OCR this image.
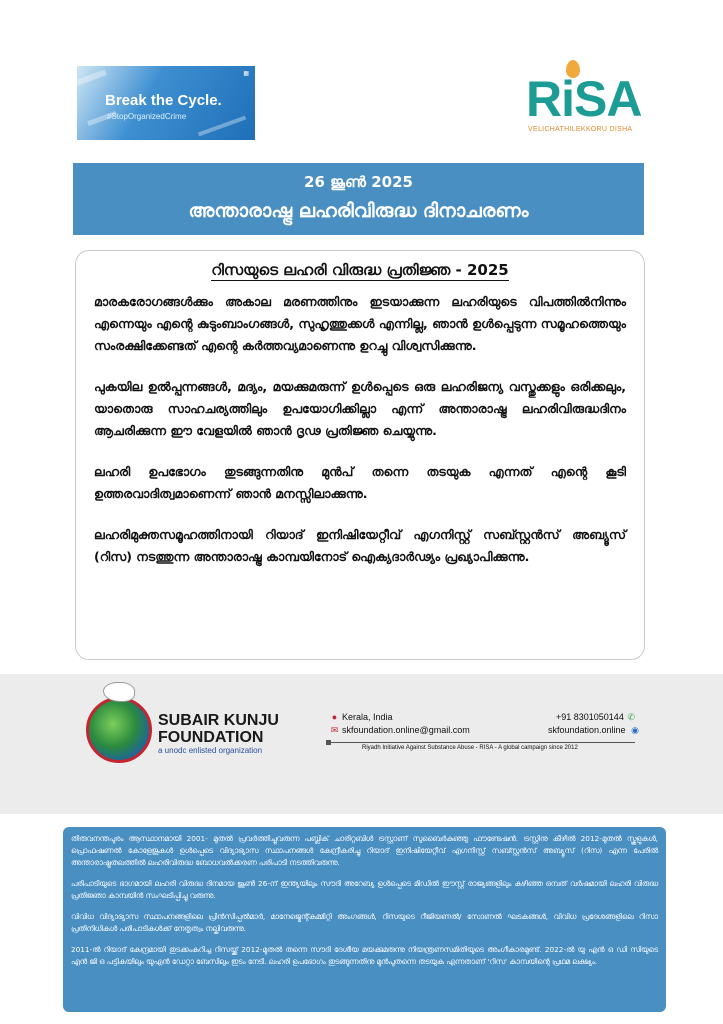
▦
Break the Cycle.
#StopOrganizedCrime	RiSA
VELICHATHILEKKORU DISHA
26 ജൂൺ 2025
അന്താരാഷ്ട്ര ലഹരിവിരുദ്ധ ദിനാചരണം
റിസയുടെ ലഹരി വിരുദ്ധ പ്രതിജ്ഞ - 2025

മാരകരോഗങ്ങൾക്കും അകാല മരണത്തിനും ഇടയാക്കുന്ന ലഹരിയുടെ വിപത്തിൽനിന്നും എന്നെയും എന്റെ കുടുംബാംഗങ്ങൾ, സുഹൃത്തുക്കൾ എന്നില്ല, ഞാൻ ഉൾപ്പെടുന്ന സമൂഹത്തെയും സംരക്ഷിക്കേണ്ടത് എന്റെ കർത്തവ്യമാണെന്നു ഉറച്ചു വിശ്വസിക്കുന്നു.

പുകയില ഉൽപ്പന്നങ്ങൾ, മദ്യം, മയക്കുമരുന്ന് ഉൾപ്പെടെ ഒരു ലഹരിജന്യ വസ്തുക്കളും ഒരിക്കലും, യാതൊരു സാഹചര്യത്തിലും ഉപയോഗിക്കില്ലാ എന്ന് അന്താരാഷ്ട്ര ലഹരിവിരുദ്ധദിനം ആചരിക്കുന്ന ഈ വേളയിൽ ഞാൻ ദൃഢ പ്രതിജ്ഞ ചെയ്യുന്നു.

ലഹരി ഉപഭോഗം തുടങ്ങുന്നതിനു മുൻപ് തന്നെ തടയുക എന്നത് എന്റെ കൂടി ഉത്തരവാദിത്വമാണെന്ന് ഞാൻ മനസ്സിലാക്കുന്നു.

ലഹരിമുക്തസമൂഹത്തിനായി റിയാദ് ഇനിഷിയേറ്റീവ് എഗനിസ്റ്റ് സബ്സ്റ്റൻസ് അബ്യൂസ് (റിസ) നടത്തുന്ന അന്താരാഷ്ട്ര കാമ്പയിനോട് ഐക്യദാർഢ്യം പ്രഖ്യാപിക്കുന്നു.

SUBAIR KUNJU
FOUNDATION
a unodc enlisted organization
● Kerala, India
✉ skfoundation.online@gmail.com
+91 8301050144 ✆
skfoundation.online ◉
Riyadh Initiative Against Substance Abuse - RISA - A global campaign since 2012

തിരുവനന്തപുരം ആസ്ഥാനമായി 2001- മുതൽ പ്രവർത്തിച്ചുവരുന്ന പബ്ലിക് ചാരിറ്റബിൾ ട്രസ്റ്റാണ് സുബൈർകുഞ്ഞു ഫൗണ്ടേഷൻ. ട്രസ്റ്റിനു കീഴിൽ 2012-മുതൽ സ്കൂളുകൾ, പ്രൊഫഷണൽ കോളേജുകൾ ഉൾപ്പെടെ വിദ്യാഭ്യാസ സ്ഥാപനങ്ങൾ കേന്ദ്രീകരിച്ചു റിയാദ് ഇനിഷിയേറ്റീവ് എഗനിസ്റ്റ് സബ്സ്റ്റൻസ് അബ്യൂസ് (റിസ) എന്ന പേരിൽ അന്താരാഷ്ട്രതലത്തിൽ ലഹരിവിരുദ്ധ ബോധവൽക്കരണ പരിപാടി നടത്തിവരുന്നു.

പരിപാടിയുടെ ഭാഗമായി ലഹരി വിരുദ്ധ ദിനമായ ജൂൺ 26-ന് ഇന്ത്യയിലും സൗദി അറേബ്യ ഉൾപ്പെടെ മിഡിൽ ഈസ്റ്റ് രാജ്യങ്ങളിലും കഴിഞ്ഞ ഒമ്പത് വർഷമായി ലഹരി വിരുദ്ധ പ്രതിജ്ഞാ കാമ്പയിൻ സംഘടിപ്പിച്ചു വരുന്നു.

വിവിധ വിദ്യാഭ്യാസ സ്ഥാപനങ്ങളിലെ പ്രിൻസിപ്പൽമാർ, മാനേജ്മെന്റ്കമ്മിറ്റി അംഗങ്ങൾ, റിസയുടെ റീജിയണൽ/ സോണൽ ഘടകങ്ങൾ, വിവിധ പ്രദേശങ്ങളിലെ റിസാ പ്രതിനിധികൾ പരിപാടികൾക്ക് നേതൃത്വം നല്കിവരുന്നു.

2011-ൽ റിയാദ് കേന്ദ്രമായി തുടക്കംകുറിച്ച റിസയ്ക്ക് 2012-മുതൽ തന്നെ സൗദി ദേശീയ മയക്കുമരുന്നു നിയന്ത്രണസമിതിയുടെ അംഗീകാരമുണ്ട്. 2022-ൽ യു എൻ ഒ ഡി സിയുടെ എൻ ജി ഒ പട്ടികയിലും യുഎൻ ഡേറ്റാ ബേസിലും ഇടം നേടി. ലഹരി ഉപഭോഗം തുടങ്ങുന്നതിനു മുൻപുതന്നെ തടയുക എന്നതാണ് 'റിസ' കാമ്പയിന്റെ പ്രഥമ ലക്ഷ്യം.
